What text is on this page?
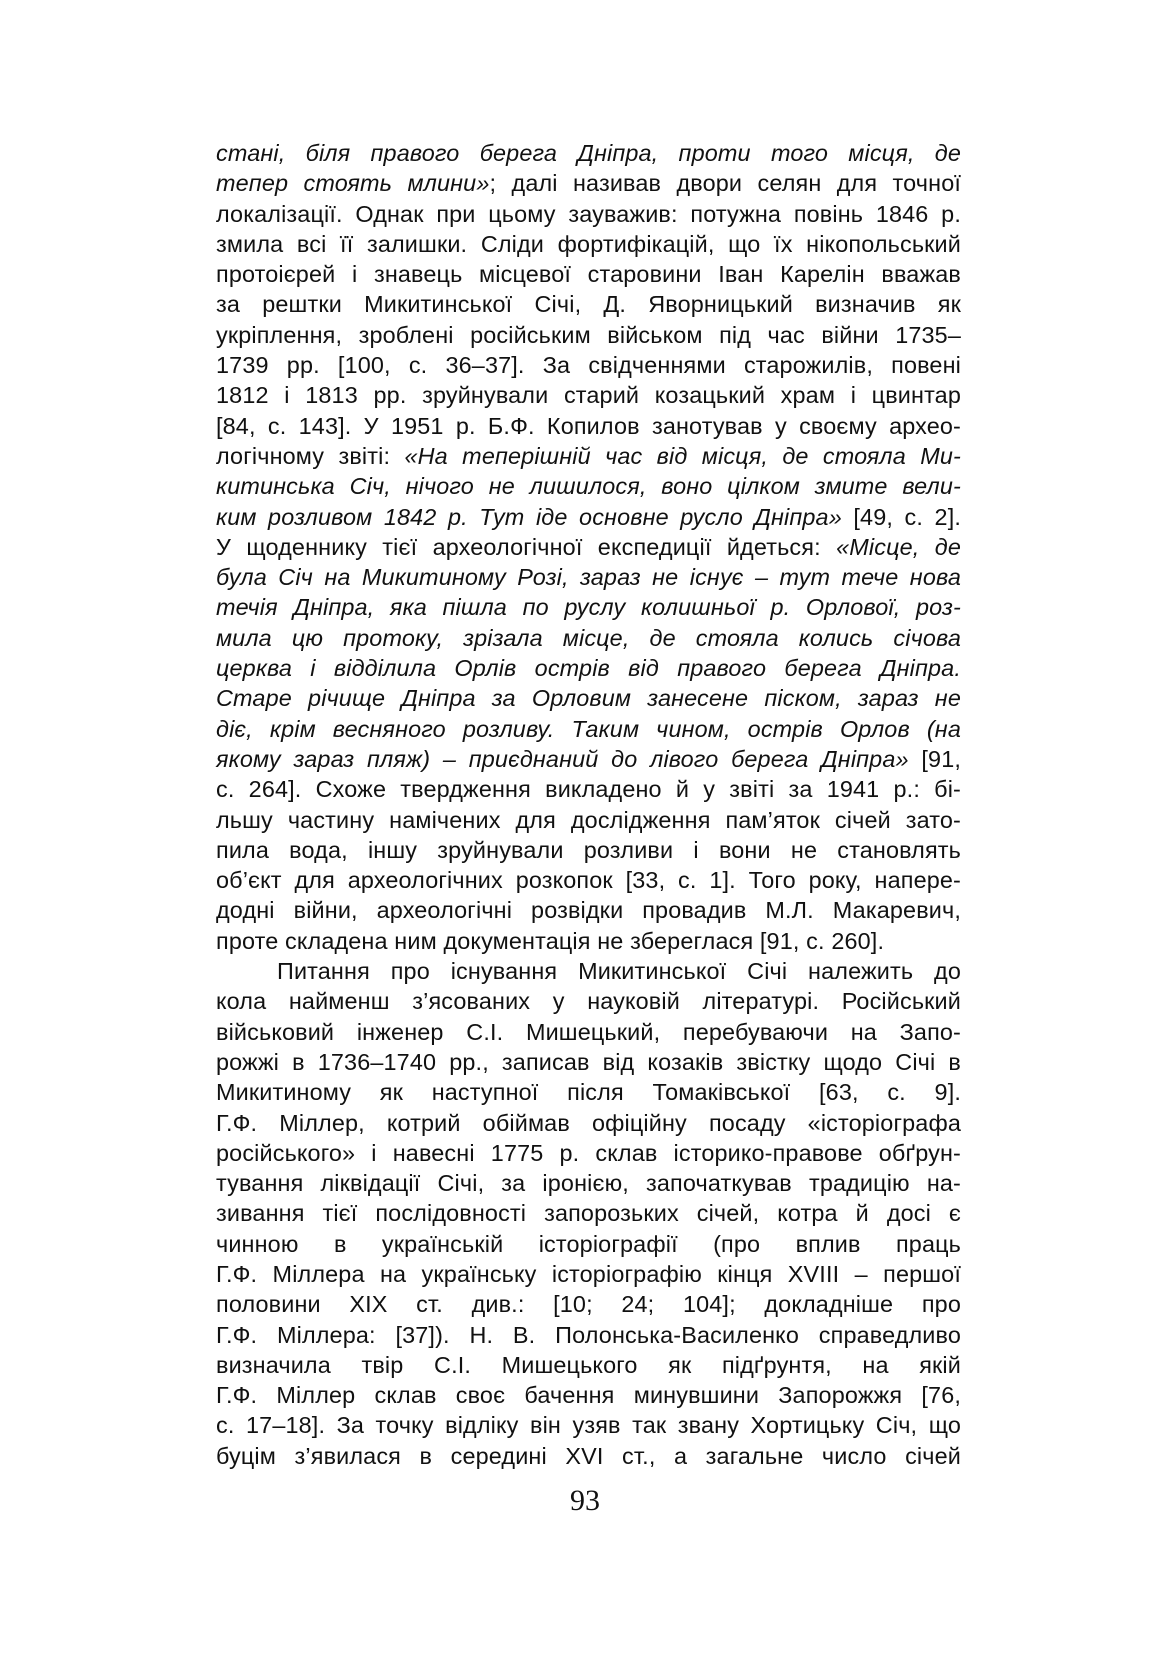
стані, біля правого берега Дніпра, проти того місця, де
тепер стоять млини»; далі називав двори селян для точної
локалізації. Однак при цьому зауважив: потужна повінь 1846 р.
змила всі її залишки. Сліди фортифікацій, що їх нікопольський
протоієрей і знавець місцевої старовини Іван Карелін вважав
за рештки Микитинської Січі, Д. Яворницький визначив як
укріплення, зроблені російським військом під час війни 1735–
1739 рр. [100, с. 36–37]. За свідченнями старожилів, повені
1812 і 1813 рр. зруйнували старий козацький храм і цвинтар
[84, с. 143]. У 1951 р. Б.Ф. Копилов занотував у своєму архео-
логічному звіті: «На теперішній час від місця, де стояла Ми-
китинська Січ, нічого не лишилося, воно цілком змите вели-
ким розливом 1842 р. Тут іде основне русло Дніпра» [49, с. 2].
У щоденнику тієї археологічної експедиції йдеться: «Місце, де
була Січ на Микитиному Розі, зараз не існує – тут тече нова
течія Дніпра, яка пішла по руслу колишньої р. Орлової, роз-
мила цю протоку, зрізала місце, де стояла колись січова
церква і відділила Орлів острів від правого берега Дніпра.
Старе річище Дніпра за Орловим занесене піском, зараз не
діє, крім весняного розливу. Таким чином, острів Орлов (на
якому зараз пляж) – приєднаний до лівого берега Дніпра» [91,
с. 264]. Схоже твердження викладено й у звіті за 1941 р.: бі-
льшу частину намічених для дослідження пам’яток січей зато-
пила вода, іншу зруйнували розливи і вони не становлять
об’єкт для археологічних розкопок [33, с. 1]. Того року, напере-
додні війни, археологічні розвідки провадив М.Л. Макаревич,
проте складена ним документація не збереглася [91, с. 260].
Питання про існування Микитинської Січі належить до
кола найменш з’ясованих у науковій літературі. Російський
військовий інженер С.І. Мишецький, перебуваючи на Запо-
рожжі в 1736–1740 рр., записав від козаків звістку щодо Січі в
Микитиному як наступної після Томаківської [63, с. 9].
Г.Ф. Міллер, котрий обіймав офіційну посаду «історіографа
російського» і навесні 1775 р. склав історико-правове обґрун-
тування ліквідації Січі, за іронією, започаткував традицію на-
зивання тієї послідовності запорозьких січей, котра й досі є
чинною в українській історіографії (про вплив праць
Г.Ф. Міллера на українську історіографію кінця XVIII – першої
половини XIX ст. див.: [10; 24; 104]; докладніше про
Г.Ф. Міллера: [37]). Н. В. Полонська-Василенко справедливо
визначила твір С.І. Мишецького як підґрунтя, на якій
Г.Ф. Міллер склав своє бачення минувшини Запорожжя [76,
с. 17–18]. За точку відліку він узяв так звану Хортицьку Січ, що
буцім з’явилася в середині XVI ст., а загальне число січей
93
